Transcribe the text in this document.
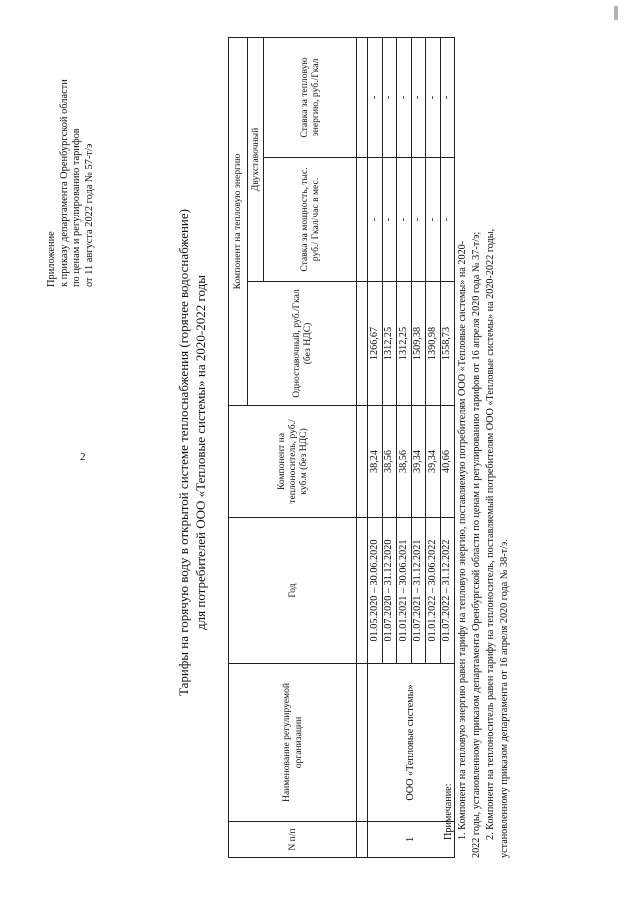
2
Приложение к приказу департамента Оренбургской области по ценам и регулированию тарифов от 11 августа 2022 года № 57-т/э	Тарифы на горячую воду в открытой системе теплоснабжения (горячее водоснабжение) для потребителей ООО «Тепловые системы» на 2020-2022 годы
N п/п	Наименование регулируемой организации	Год	Компонент на теплоноситель, руб./куб.м (без НДС)	Компонент на тепловую энергию		
				Одноставочный, руб./Гкал (без НДС)	Двухставочный	
					Ставка за мощность, тыс. руб./ Гкал/час в мес.	Ставка за тепловую энергию, руб./Гкал

1	ООО «Тепловые системы»	01.05.2020 – 30.06.2020	38,24	1266,67	-	-
		01.07.2020 – 31.12.2020	38,56	1312,25	-	-
		01.01.2021 – 30.06.2021	38,56	1312,25	-	-
		01.07.2021 – 31.12.2021	39,34	1509,38	-	-
		01.01.2022 – 30.06.2022	39,34	1390,98	-	-
		01.07.2022 – 31.12.2022	40,66	1558,73	-	-

Примечание: 1. Компонент на тепловую энергию равен тарифу на тепловую энергию, поставляемую потребителям ООО «Тепловые системы» на 2020- 2022 годы, установленному приказом департамента Оренбургской области по ценам и регулированию тарифов от 16 апреля 2020 года № 37-т/э; 2. Компонент на теплоноситель равен тарифу на теплоноситель, поставляемый потребителям ООО «Тепловые системы» на 2020-2022 годы, установленному приказом департамента от 16 апреля 2020 года № 38-т/э.
